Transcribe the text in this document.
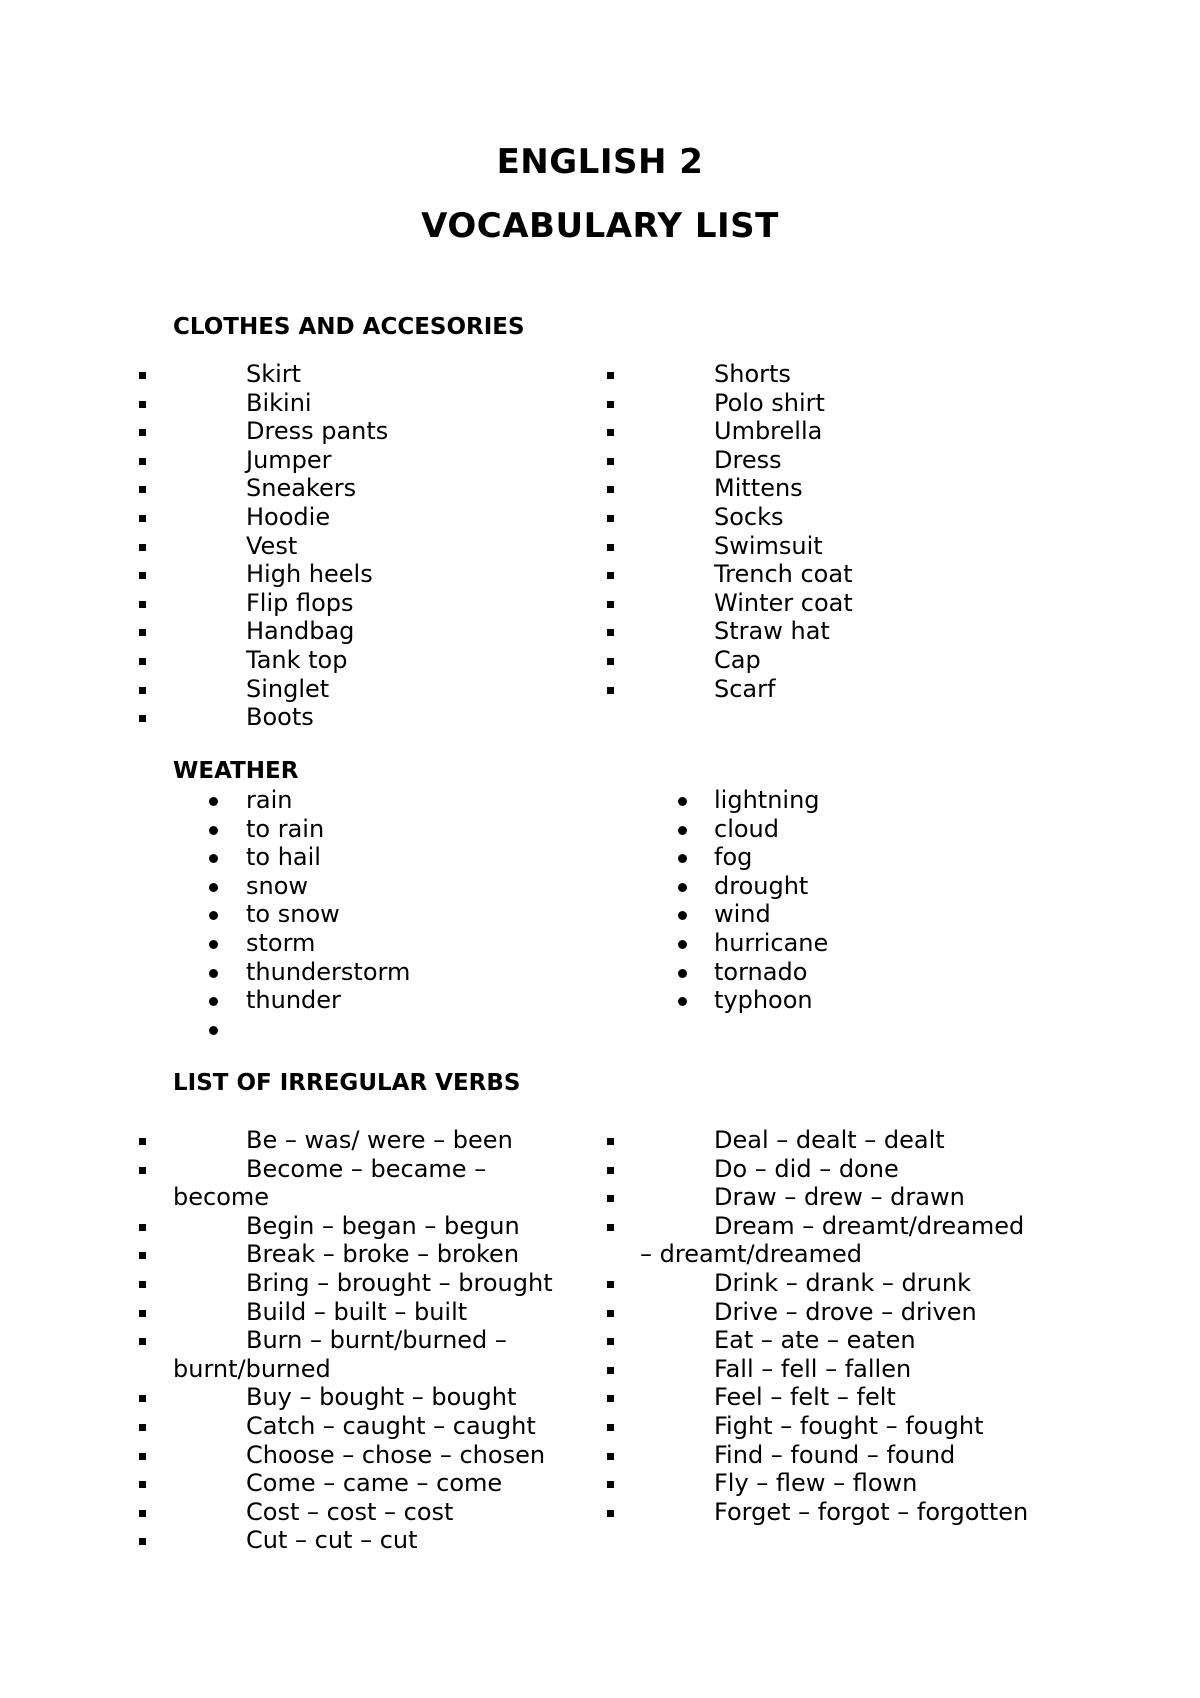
ENGLISH 2
VOCABULARY LIST
CLOTHES AND ACCESORIES
Skirt
Bikini
Dress pants
Jumper
Sneakers
Hoodie
Vest
High heels
Flip flops
Handbag
Tank top
Singlet
Boots
Shorts
Polo shirt
Umbrella
Dress
Mittens
Socks
Swimsuit
Trench coat
Winter coat
Straw hat
Cap
Scarf
WEATHER
rain
to rain
to hail
snow
to snow
storm
thunderstorm
thunder
lightning
cloud
fog
drought
wind
hurricane
tornado
typhoon
LIST OF IRREGULAR VERBS
Be – was/ were – been
Become – became –
become
Begin – began – begun
Break – broke – broken
Bring – brought – brought
Build – built – built
Burn – burnt/burned –
burnt/burned
Buy – bought – bought
Catch – caught – caught
Choose – chose – chosen
Come – came – come
Cost – cost – cost
Cut – cut – cut
Deal – dealt – dealt
Do – did – done
Draw – drew – drawn
Dream – dreamt/dreamed
– dreamt/dreamed
Drink – drank – drunk
Drive – drove – driven
Eat – ate – eaten
Fall – fell – fallen
Feel – felt – felt
Fight – fought – fought
Find – found – found
Fly – flew – flown
Forget – forgot – forgotten
